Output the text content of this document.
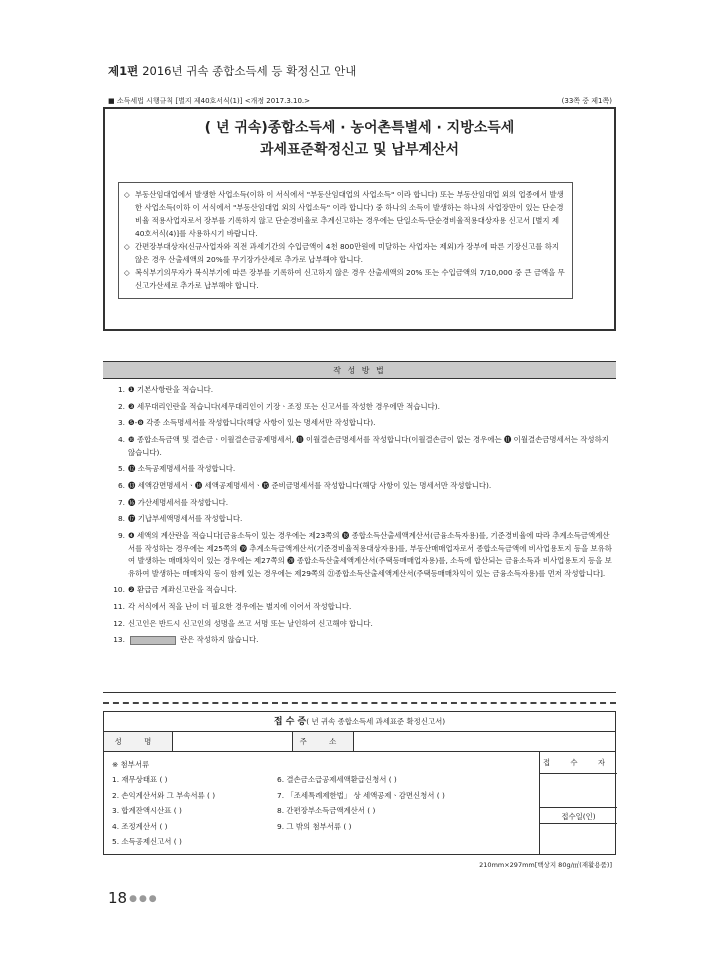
제1편 2016년 귀속 종합소득세 등 확정신고 안내
■ 소득세법 시행규칙 [별지 제40호서식(1)] <개정 2017.3.10.>	(33쪽 중 제1쪽)
( 년 귀속)종합소득세 · 농어촌특별세 · 지방소득세
과세표준확정신고 및 납부계산서

◇ 부동산임대업에서 발생한 사업소득(이하 이 서식에서 "부동산임대업의 사업소득" 이라 합니다) 또는 부동산임대업 외의 업종에서 발생한 사업소득(이하 이 서식에서 "부동산임대업 외의 사업소득" 이라 합니다) 중 하나의 소득이 발생하는 하나의 사업장만이 있는 단순경비율 적용사업자로서 장부를 기록하지 않고 단순경비율로 추계신고하는 경우에는 단일소득-단순경비율적용대상자용 신고서 [별지 제40호서식(4)]를 사용하시기 바랍니다.

◇ 간편장부대상자(신규사업자와 직전 과세기간의 수입금액이 4천 800만원에 미달하는 사업자는 제외)가 장부에 따른 기장신고를 하지 않은 경우 산출세액의 20%를 무기장가산세로 추가로 납부해야 합니다.

◇ 복식부기의무자가 복식부기에 따른 장부를 기록하여 신고하지 않은 경우 산출세액의 20% 또는 수입금액의 7/10,000 중 큰 금액을 무신고가산세로 추가로 납부해야 합니다.

작 성 방 법
1. ❶ 기본사항란을 적습니다.
2. ❸ 세무대리인란을 적습니다(세무대리인이 기장ㆍ조정 또는 신고서를 작성한 경우에만 적습니다).
3. ❺-❽ 각종 소득명세서를 작성합니다(해당 사항이 있는 명세서만 작성합니다).
4. ❿ 종합소득금액 및 결손금ㆍ이월결손금공제명세서, ⓫ 이월결손금명세서를 작성합니다(이월결손금이 없는 경우에는 ⓫ 이월결손금명세서는 작성하지 않습니다).
5. ⓬ 소득공제명세서를 작성합니다.
6. ⓭ 세액감면명세서ㆍ⓮ 세액공제명세서ㆍ⓯ 준비금명세서를 작성합니다(해당 사항이 있는 명세서만 작성합니다).
7. ⓰ 가산세명세서를 작성합니다.
8. ⓱ 기납부세액명세서를 작성합니다.
9. ❹ 세액의 계산란을 적습니다[금융소득이 있는 경우에는 제23쪽의 ⓲ 종합소득산출세액계산서(금융소득자용)를, 기준경비율에 따라 추계소득금액계산서를 작성하는 경우에는 제25쪽의 ⓳ 추계소득금액계산서(기준경비율적용대상자용)를, 부동산매매업자로서 종합소득금액에 비사업용토지 등을 보유하여 발생하는 매매차익이 있는 경우에는 제27쪽의 ⓴ 종합소득산출세액계산서(주택등매매업자용)를, 소득에 합산되는 금융소득과 비사업용토지 등을 보유하여 발생하는 매매차익 등이 함께 있는 경우에는 제29쪽의 ㉑종합소득산출세액계산서(주택등매매차익이 있는 금융소득자용)를 먼저 작성합니다].
10. ❷ 환급금 계좌신고란을 적습니다.
11. 각 서식에서 적을 난이 더 필요한 경우에는 별지에 이어서 작성합니다.
12. 신고인은 반드시 신고인의 성명을 쓰고 서명 또는 날인하여 신고해야 합니다.
13.	란은 작성하지 않습니다.
접 수 증( 년 귀속 종합소득세 과세표준 확정신고서)
성 명	주 소
※ 첨부서류
1. 재무상태표 ( )	6. 결손금소급공제세액환급신청서 ( )
2. 손익계산서와 그 부속서류 ( )	7. 「조세특례제한법」 상 세액공제ㆍ감면신청서 ( )
3. 합계잔액시산표 ( )	8. 간편장부소득금액계산서 ( )
4. 조정계산서 ( )	9. 그 밖의 첨부서류 ( )
5. 소득공제신고서 ( )
접 수 자
접수일(인)
210mm×297mm[백상지 80g/㎡(재활용품)]
18 ●●●
